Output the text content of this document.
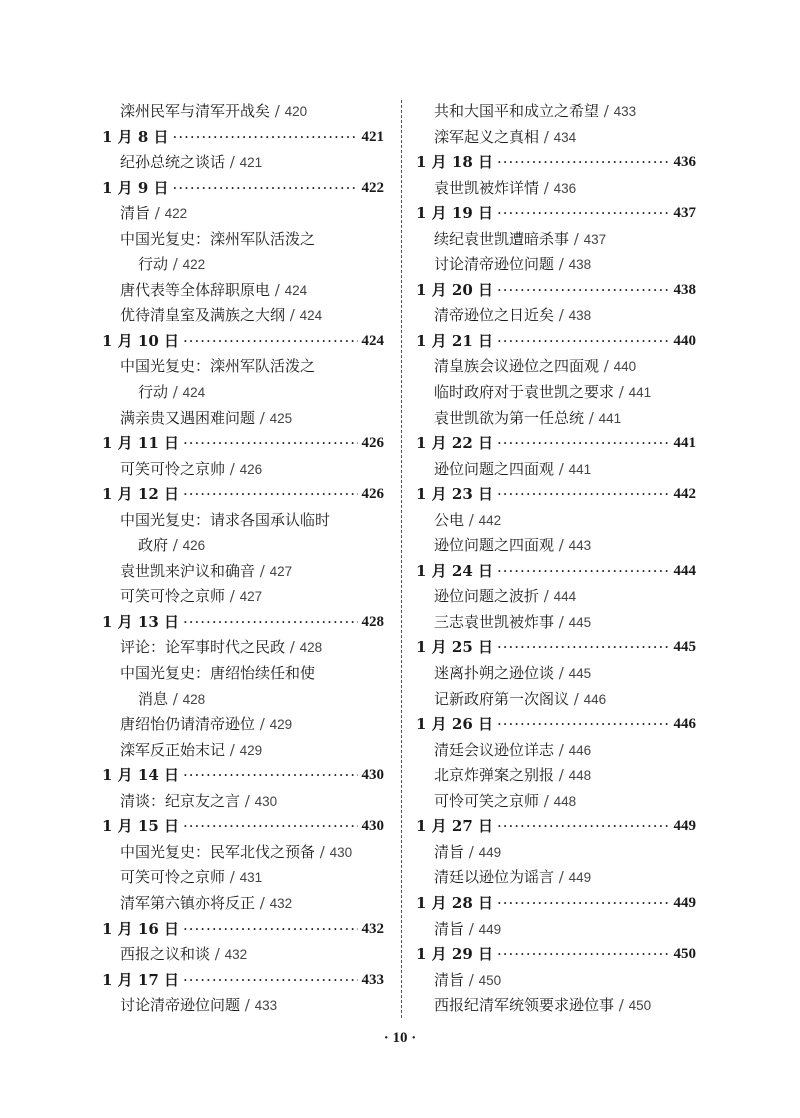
滦州民军与清军开战矣 / 420
1 月 8 日 ·····	421
纪孙总统之谈话 / 421
1 月 9 日 ·····	422
清旨 / 422
中国光复史：滦州军队活泼之
行动 / 422
唐代表等全体辞职原电 / 424
优待清皇室及满族之大纲 / 424
1 月 10 日 ·····	424
中国光复史：滦州军队活泼之
行动 / 424
满亲贵又遇困难问题 / 425
1 月 11 日 ·····	426
可笑可怜之京帅 / 426
1 月 12 日 ·····	426
中国光复史：请求各国承认临时
政府 / 426
袁世凯来沪议和确音 / 427
可笑可怜之京师 / 427
1 月 13 日 ·····	428
评论：论军事时代之民政 / 428
中国光复史：唐绍怡续任和使
消息 / 428
唐绍怡仍请清帝逊位 / 429
滦军反正始末记 / 429
1 月 14 日 ·····	430
清谈：纪京友之言 / 430
1 月 15 日 ·····	430
中国光复史：民军北伐之预备 / 430
可笑可怜之京师 / 431
清军第六镇亦将反正 / 432
1 月 16 日 ·····	432
西报之议和谈 / 432
1 月 17 日 ·····	433
讨论清帝逊位问题 / 433
共和大国平和成立之希望 / 433
滦军起义之真相 / 434
1 月 18 日 ·····	436
袁世凯被炸详情 / 436
1 月 19 日 ·····	437
续纪袁世凯遭暗杀事 / 437
讨论清帝逊位问题 / 438
1 月 20 日 ·····	438
清帝逊位之日近矣 / 438
1 月 21 日 ·····	440
清皇族会议逊位之四面观 / 440
临时政府对于袁世凯之要求 / 441
袁世凯欲为第一任总统 / 441
1 月 22 日 ·····	441
逊位问题之四面观 / 441
1 月 23 日 ·····	442
公电 / 442
逊位问题之四面观 / 443
1 月 24 日 ·····	444
逊位问题之波折 / 444
三志袁世凯被炸事 / 445
1 月 25 日 ·····	445
迷离扑朔之逊位谈 / 445
记新政府第一次阁议 / 446
1 月 26 日 ·····	446
清廷会议逊位详志 / 446
北京炸弹案之别报 / 448
可怜可笑之京师 / 448
1 月 27 日 ·····	449
清旨 / 449
清廷以逊位为谣言 / 449
1 月 28 日 ·····	449
清旨 / 449
1 月 29 日 ·····	450
清旨 / 450
西报纪清军统领要求逊位事 / 450
· 10 ·
